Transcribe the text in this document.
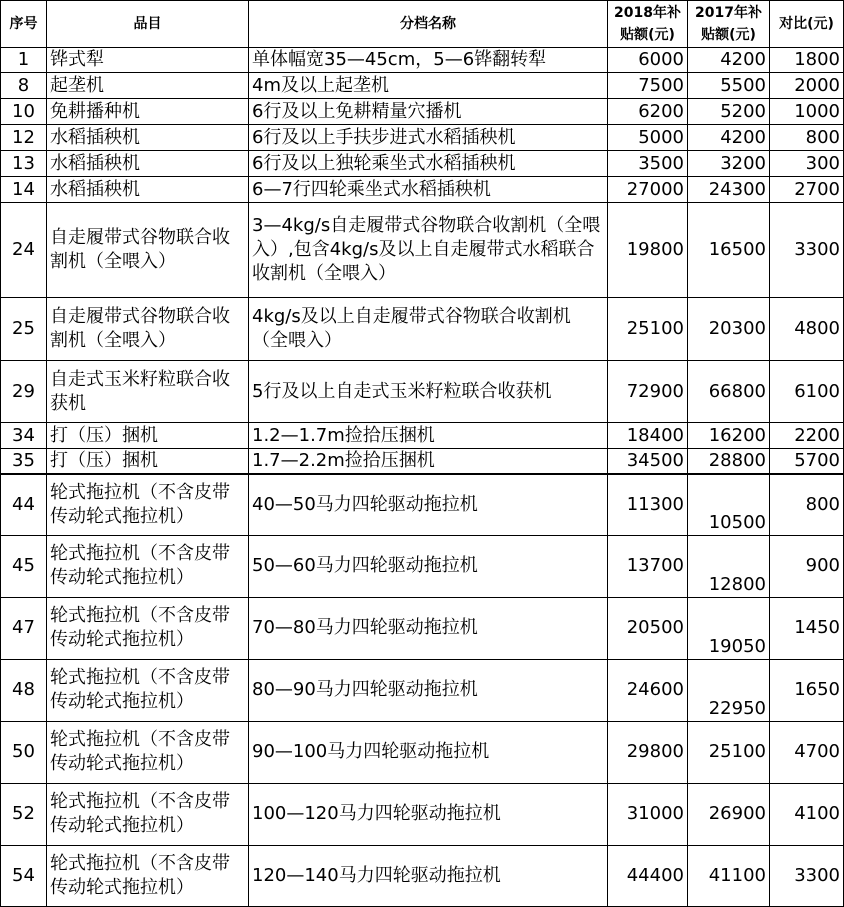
序号	品目	分档名称	2018年补贴额(元)	2017年补贴额(元)	对比(元)
1	铧式犁	单体幅宽35—45cm，5—6铧翻转犁	6000	4200	1800
8	起垄机	4m及以上起垄机	7500	5500	2000
10	免耕播种机	6行及以上免耕精量穴播机	6200	5200	1000
12	水稻插秧机	6行及以上手扶步进式水稻插秧机	5000	4200	800
13	水稻插秧机	6行及以上独轮乘坐式水稻插秧机	3500	3200	300
14	水稻插秧机	6—7行四轮乘坐式水稻插秧机	27000	24300	2700
24	自走履带式谷物联合收割机（全喂入）	3—4kg/s自走履带式谷物联合收割机（全喂入）,包含4kg/s及以上自走履带式水稻联合收割机（全喂入）	19800	16500	3300
25	自走履带式谷物联合收割机（全喂入）	4kg/s及以上自走履带式谷物联合收割机（全喂入）	25100	20300	4800
29	自走式玉米籽粒联合收获机	5行及以上自走式玉米籽粒联合收获机	72900	66800	6100
34	打（压）捆机	1.2—1.7m捡拾压捆机	18400	16200	2200
35	打（压）捆机	1.7—2.2m捡拾压捆机	34500	28800	5700
44	轮式拖拉机（不含皮带传动轮式拖拉机）	40—50马力四轮驱动拖拉机	11300	10500	800
45	轮式拖拉机（不含皮带传动轮式拖拉机）	50—60马力四轮驱动拖拉机	13700	12800	900
47	轮式拖拉机（不含皮带传动轮式拖拉机）	70—80马力四轮驱动拖拉机	20500	19050	1450
48	轮式拖拉机（不含皮带传动轮式拖拉机）	80—90马力四轮驱动拖拉机	24600	22950	1650
50	轮式拖拉机（不含皮带传动轮式拖拉机）	90—100马力四轮驱动拖拉机	29800	25100	4700
52	轮式拖拉机（不含皮带传动轮式拖拉机）	100—120马力四轮驱动拖拉机	31000	26900	4100
54	轮式拖拉机（不含皮带传动轮式拖拉机）	120—140马力四轮驱动拖拉机	44400	41100	3300
